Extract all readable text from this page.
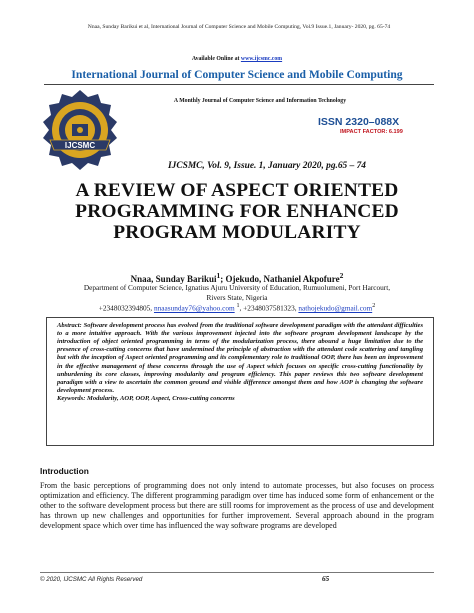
Nnaa, Sunday Barikui et al, International Journal of Computer Science and Mobile Computing, Vol.9 Issue.1, January- 2020, pg. 65-74
Available Online at www.ijcsmc.com
International Journal of Computer Science and Mobile Computing
A Monthly Journal of Computer Science and Information Technology
IJCSMC
ISSN 2320–088X
IMPACT FACTOR: 6.199
IJCSMC, Vol. 9, Issue. 1, January 2020, pg.65 – 74
A REVIEW OF ASPECT ORIENTED
PROGRAMMING FOR ENHANCED
PROGRAM MODULARITY
Nnaa, Sunday Barikui$^1$; Ojekudo, Nathaniel Akpofure$^2$
Department of Computer Science, Ignatius Ajuru University of Education, Rumuolumeni, Port Harcourt,
Rivers State, Nigeria
+2348032394805, nnaasunday76@yahoo.com $^1$, +2348037581323, nathojekudo@gmail.com$^2$
Abstract: Software development process has evolved from the traditional software development paradigm with the attendant difficulties to a more intuitive approach. With the various improvement injected into the software program development landscape by the introduction of object oriented programming in terms of the modularization process, there abound a huge limitation due to the presence of cross-cutting concerns that have undermined the principle of abstraction with the attendant code scattering and tangling but with the inception of Aspect oriented programming and its complementary role to traditional OOP, there has been an improvement in the effective management of these concerns through the use of Aspect which focuses on specific cross-cutting functionality by unburdening its core classes, improving modularity and program efficiency. This paper reviews this two software development paradigm with a view to ascertain the common ground and visible difference amongst them and how AOP is changing the software development process.
Keywords: Modularity, AOP, OOP, Aspect, Cross-cutting concerns
Introduction
From the basic perceptions of programming does not only intend to automate processes, but also focuses on process optimization and efficiency. The different programming paradigm over time has induced some form of enhancement or the other to the software development process but there are still rooms for improvement as the process of use and development has thrown up new challenges and opportunities for further improvement. Several approach abound in the program development space which over time has influenced the way software programs are developed
© 2020, IJCSMC All Rights Reserved	65
